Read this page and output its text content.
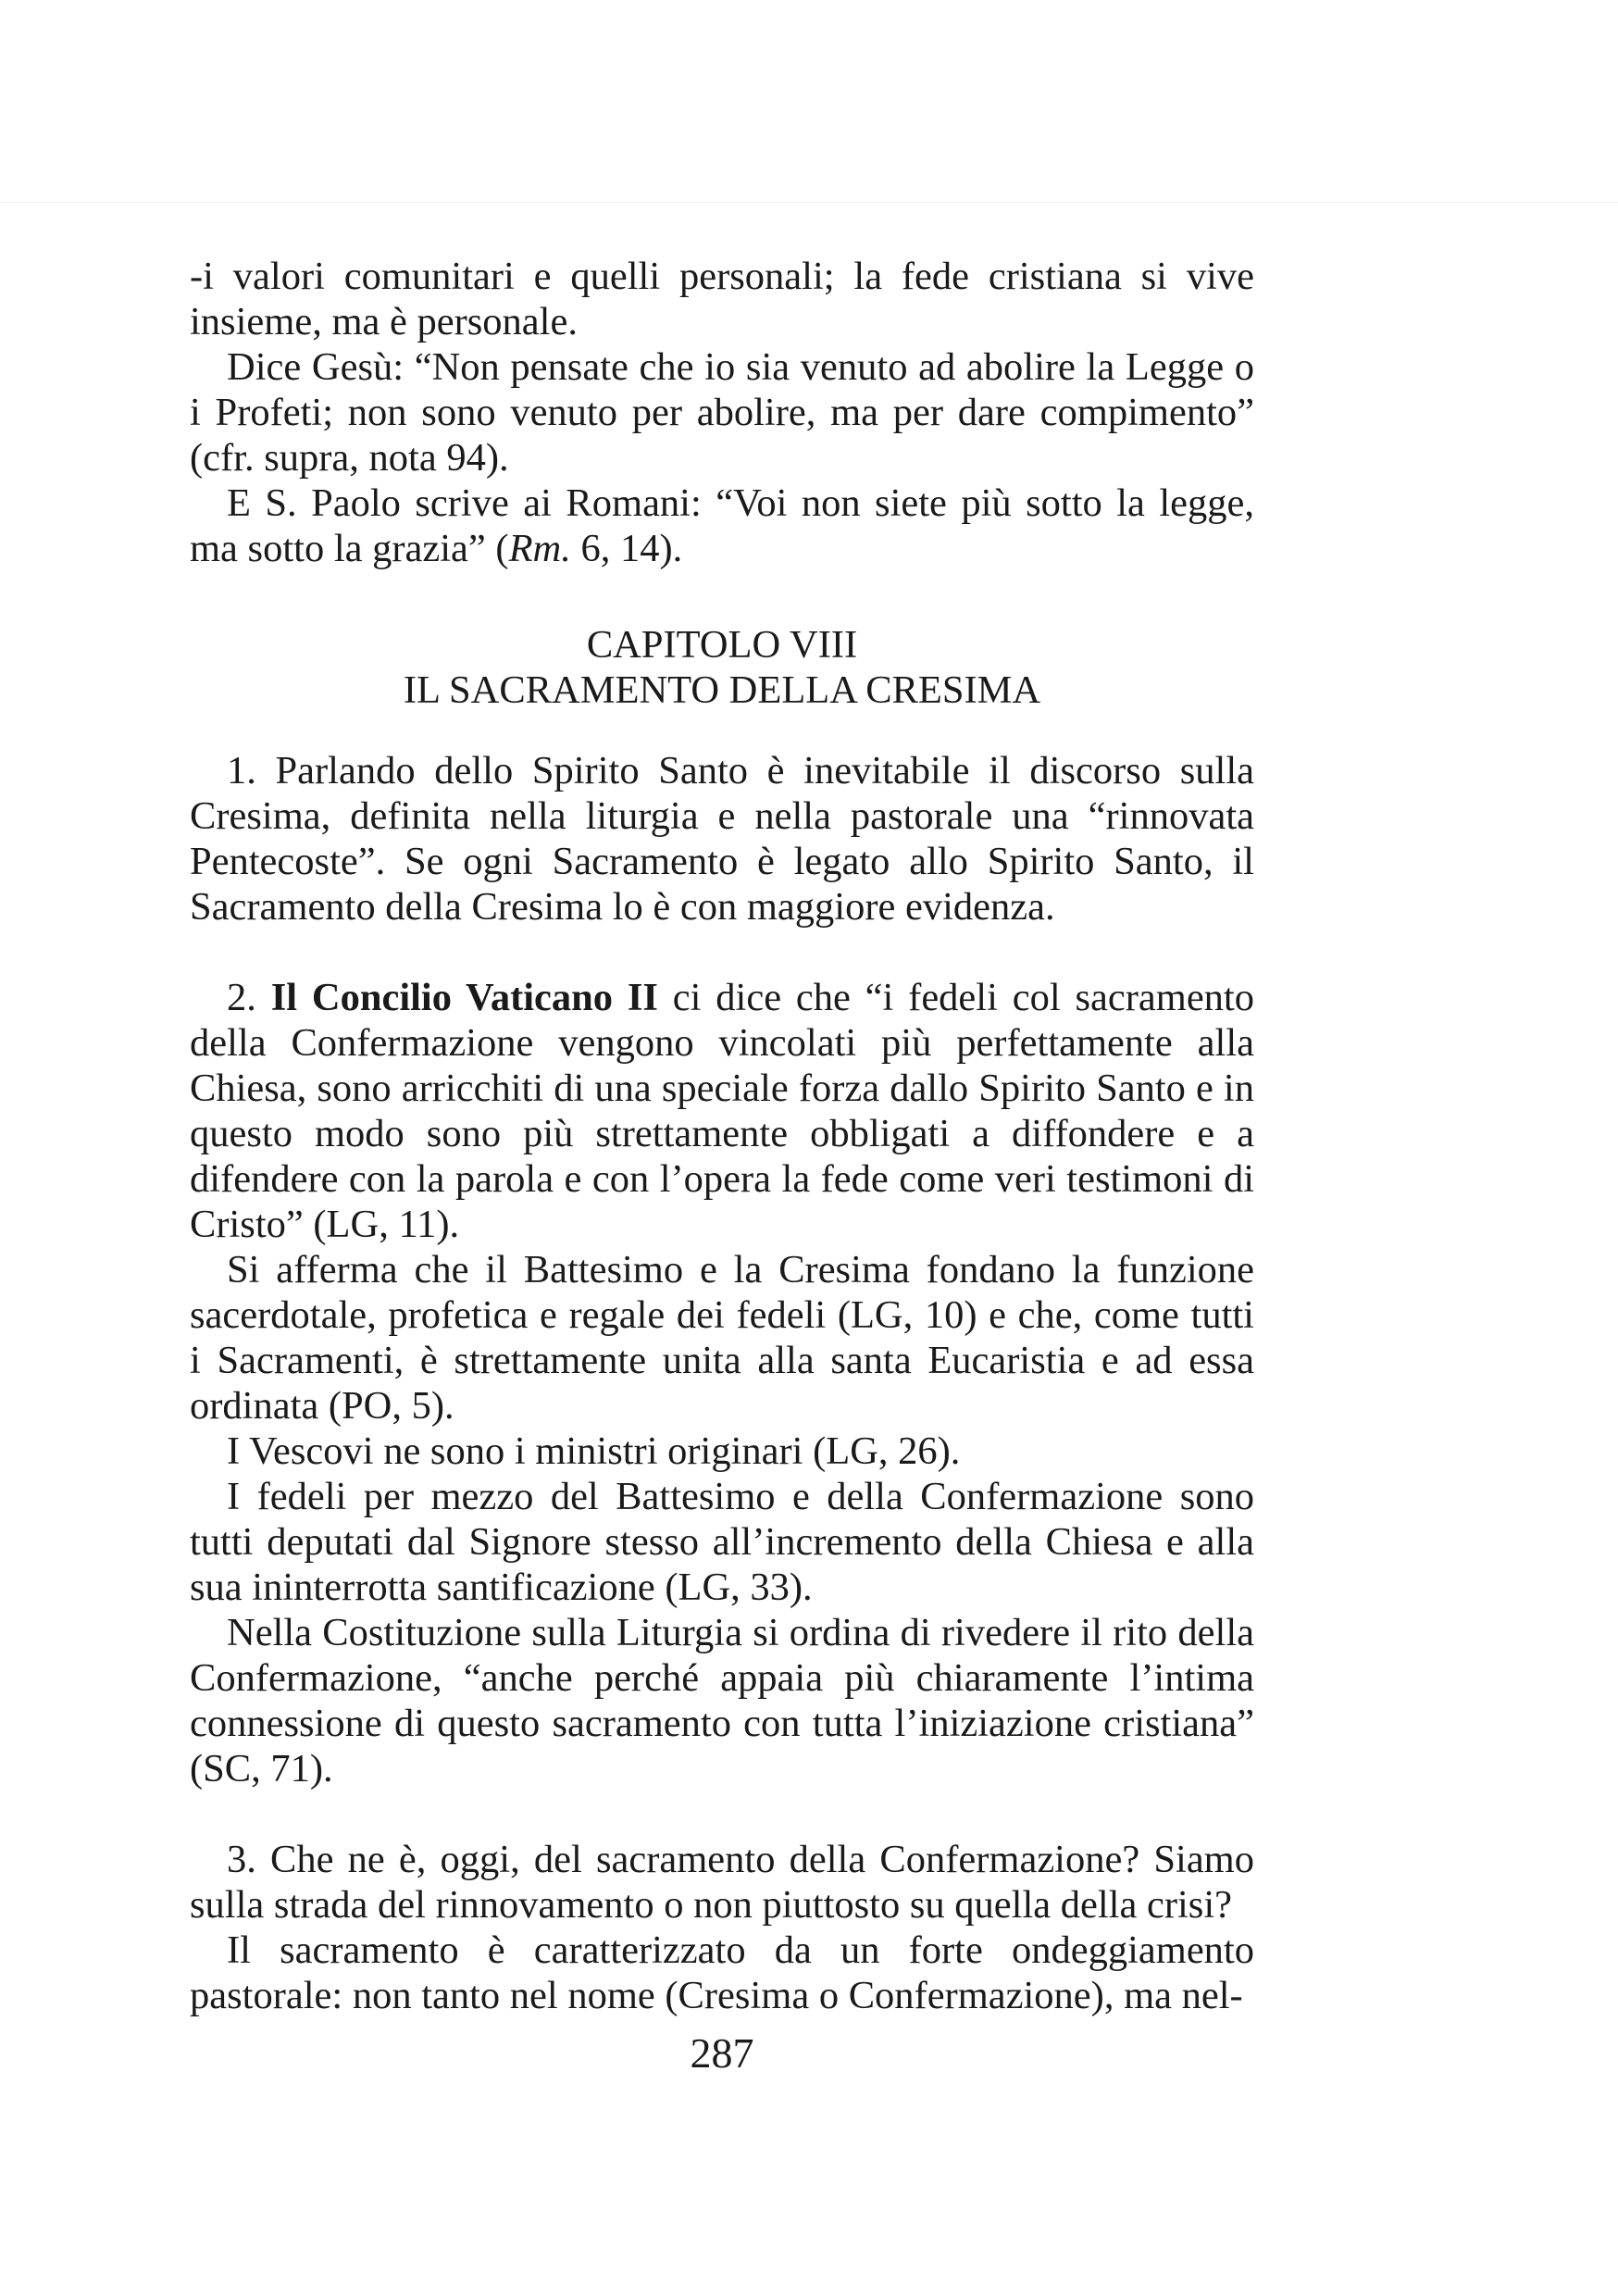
-i valori comunitari e quelli personali; la fede cristiana si vive insieme, ma è personale.

Dice Gesù: “Non pensate che io sia venuto ad abolire la Legge o i Profeti; non sono venuto per abolire, ma per dare compimento” (cfr. supra, nota 94).

E S. Paolo scrive ai Romani: “Voi non siete più sotto la legge, ma sotto la grazia” (Rm. 6, 14).

CAPITOLO VIII
IL SACRAMENTO DELLA CRESIMA

1. Parlando dello Spirito Santo è inevitabile il discorso sulla Cresima, definita nella liturgia e nella pastorale una “rinnovata Pentecoste”. Se ogni Sacramento è legato allo Spirito Santo, il Sacramento della Cresima lo è con maggiore evidenza.

2. Il Concilio Vaticano II ci dice che “i fedeli col sacramento della Confermazione vengono vincolati più perfettamente alla Chiesa, sono arricchiti di una speciale forza dallo Spirito Santo e in questo modo sono più strettamente obbligati a diffondere e a difendere con la parola e con l’opera la fede come veri testimoni di Cristo” (LG, 11).

Si afferma che il Battesimo e la Cresima fondano la funzione sacerdotale, profetica e regale dei fedeli (LG, 10) e che, come tutti i Sacramenti, è strettamente unita alla santa Eucaristia e ad essa ordinata (PO, 5).

I Vescovi ne sono i ministri originari (LG, 26).

I fedeli per mezzo del Battesimo e della Confermazione sono tutti deputati dal Signore stesso all’incremento della Chiesa e alla sua ininterrotta santificazione (LG, 33).

Nella Costituzione sulla Liturgia si ordina di rivedere il rito della Confermazione, “anche perché appaia più chiaramente l’intima connessione di questo sacramento con tutta l’iniziazione cristiana” (SC, 71).

3. Che ne è, oggi, del sacramento della Confermazione? Siamo sulla strada del rinnovamento o non piuttosto su quella della crisi?

Il sacramento è caratterizzato da un forte ondeggiamento pastorale: non tanto nel nome (Cresima o Confermazione), ma nel-

287
